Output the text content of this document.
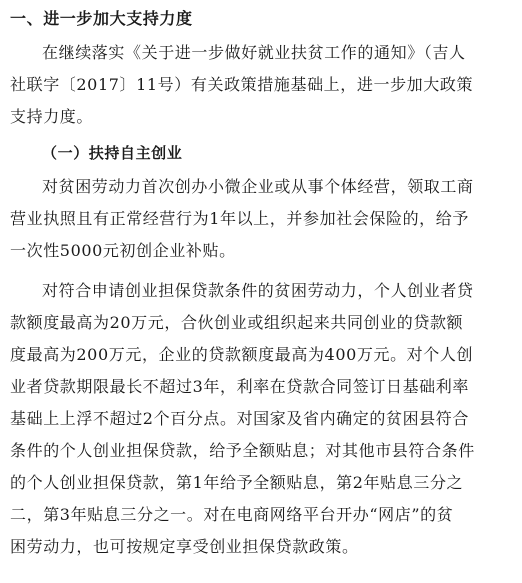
一、进一步加大支持力度
在继续落实《关于进一步做好就业扶贫工作的通知》（吉人
社联字〔2017〕11号）有关政策措施基础上，进一步加大政策
支持力度。
（一）扶持自主创业
对贫困劳动力首次创办小微企业或从事个体经营，领取工商
营业执照且有正常经营行为1年以上，并参加社会保险的，给予
一次性5000元初创企业补贴。
对符合申请创业担保贷款条件的贫困劳动力，个人创业者贷
款额度最高为20万元，合伙创业或组织起来共同创业的贷款额
度最高为200万元，企业的贷款额度最高为400万元。对个人创
业者贷款期限最长不超过3年，利率在贷款合同签订日基础利率
基础上上浮不超过2个百分点。对国家及省内确定的贫困县符合
条件的个人创业担保贷款，给予全额贴息；对其他市县符合条件
的个人创业担保贷款，第1年给予全额贴息，第2年贴息三分之
二，第3年贴息三分之一。对在电商网络平台开办“网店”的贫
困劳动力，也可按规定享受创业担保贷款政策。
